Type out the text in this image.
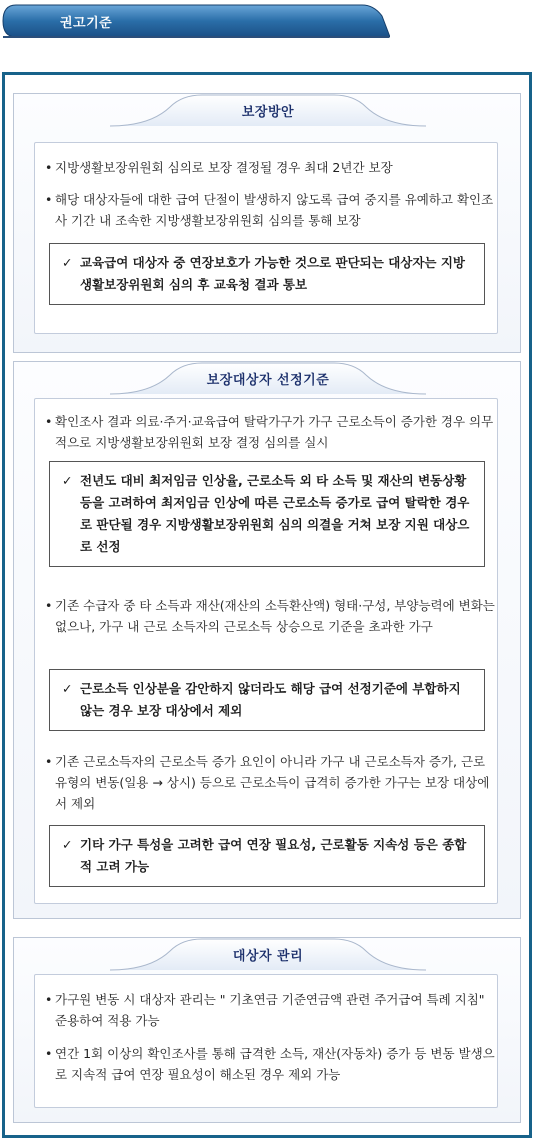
권고기준
보장방안
• 지방생활보장위원회 심의로 보장 결정될 경우 최대 2년간 보장
• 해당 대상자들에 대한 급여 단절이 발생하지 않도록 급여 중지를 유예하고 확인조사 기간 내 조속한 지방생활보장위원회 심의를 통해 보장
✓ 교육급여 대상자 중 연장보호가 가능한 것으로 판단되는 대상자는 지방생활보장위원회 심의 후 교육청 결과 통보
보장대상자 선정기준
• 확인조사 결과 의료·주거·교육급여 탈락가구가 가구 근로소득이 증가한 경우 의무적으로 지방생활보장위원회 보장 결정 심의를 실시
✓ 전년도 대비 최저임금 인상율, 근로소득 외 타 소득 및 재산의 변동상황 등을 고려하여 최저임금 인상에 따른 근로소득 증가로 급여 탈락한 경우로 판단될 경우 지방생활보장위원회 심의 의결을 거쳐 보장 지원 대상으로 선정
• 기존 수급자 중 타 소득과 재산(재산의 소득환산액) 형태·구성, 부양능력에 변화는 없으나, 가구 내 근로 소득자의 근로소득 상승으로 기준을 초과한 가구
✓ 근로소득 인상분을 감안하지 않더라도 해당 급여 선정기준에 부합하지 않는 경우 보장 대상에서 제외
• 기존 근로소득자의 근로소득 증가 요인이 아니라 가구 내 근로소득자 증가, 근로유형의 변동(일용 → 상시) 등으로 근로소득이 급격히 증가한 가구는 보장 대상에서 제외
✓ 기타 가구 특성을 고려한 급여 연장 필요성, 근로활동 지속성 등은 종합적 고려 가능
대상자 관리
• 가구원 변동 시 대상자 관리는 " 기초연금 기준연금액 관련 주거급여 특례 지침" 준용하여 적용 가능
• 연간 1회 이상의 확인조사를 통해 급격한 소득, 재산(자동차) 증가 등 변동 발생으로 지속적 급여 연장 필요성이 해소된 경우 제외 가능
